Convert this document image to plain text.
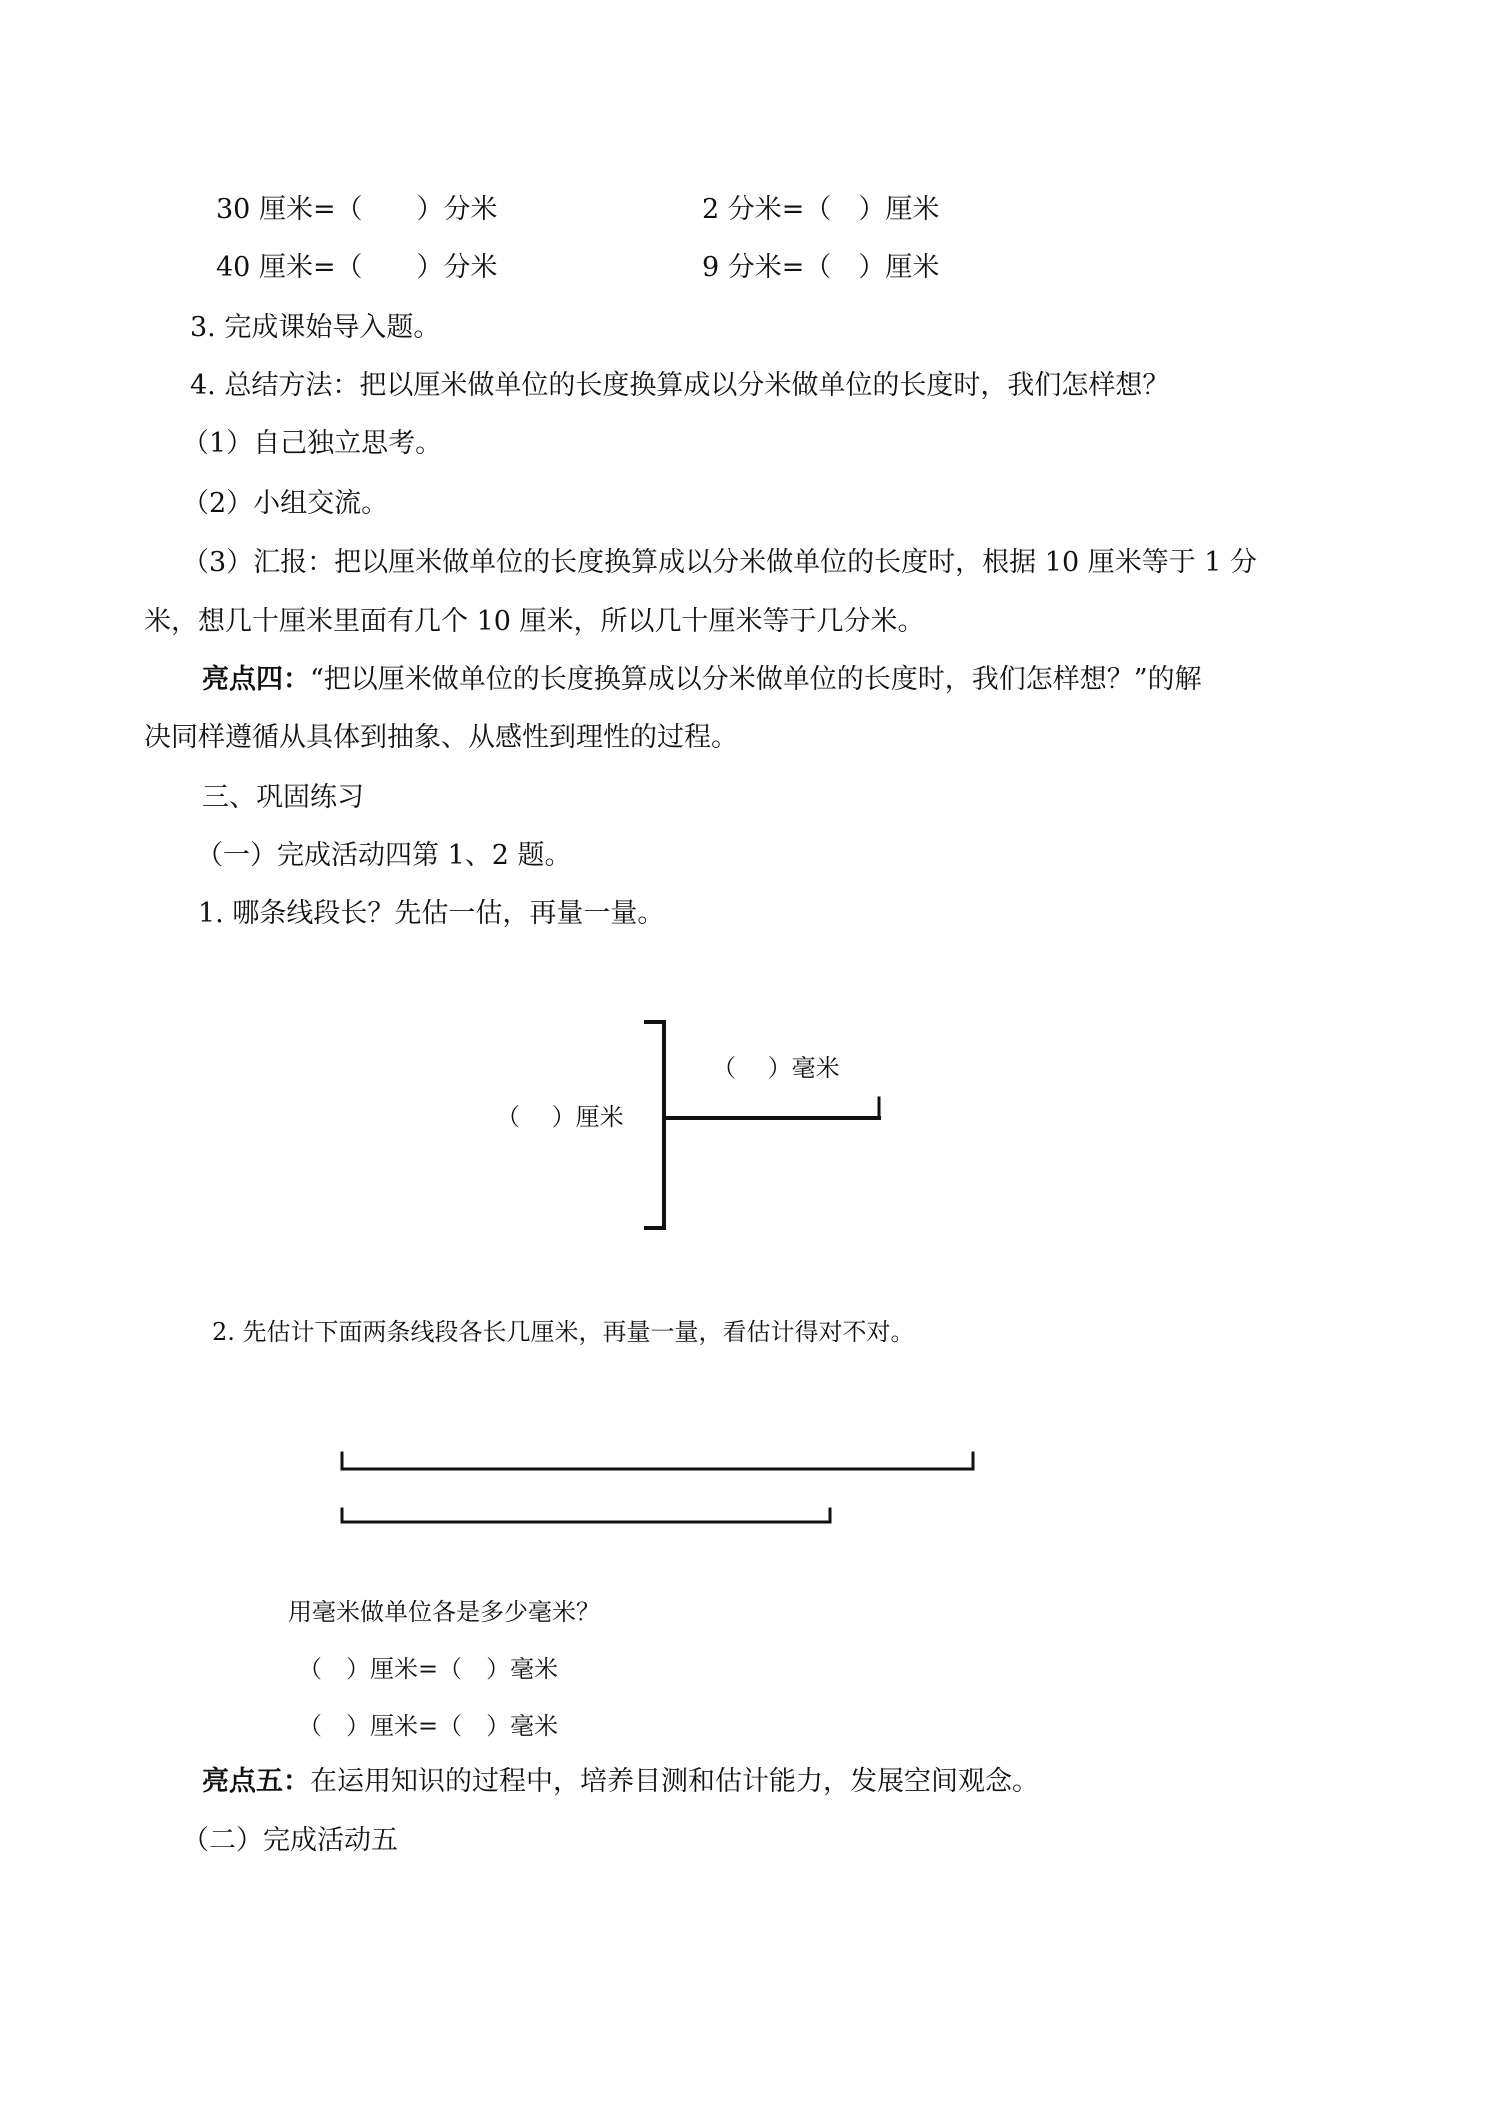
30 厘米=（　　）分米	2 分米=（　）厘米
40 厘米=（　　）分米	9 分米=（　）厘米
3. 完成课始导入题。
4. 总结方法：把以厘米做单位的长度换算成以分米做单位的长度时，我们怎样想？
（1）自己独立思考。
（2）小组交流。
（3）汇报：把以厘米做单位的长度换算成以分米做单位的长度时，根据 10 厘米等于 1 分
米，想几十厘米里面有几个 10 厘米，所以几十厘米等于几分米。
亮点四：“把以厘米做单位的长度换算成以分米做单位的长度时，我们怎样想？”的解
决同样遵循从具体到抽象、从感性到理性的过程。
三、巩固练习
（一）完成活动四第 1、2 题。
1. 哪条线段长？先估一估，再量一量。
（　 ）毫米
（　 ）厘米
2. 先估计下面两条线段各长几厘米，再量一量，看估计得对不对。
用毫米做单位各是多少毫米？
（　）厘米=（　）毫米
（　）厘米=（　）毫米
亮点五：在运用知识的过程中，培养目测和估计能力，发展空间观念。
（二）完成活动五
